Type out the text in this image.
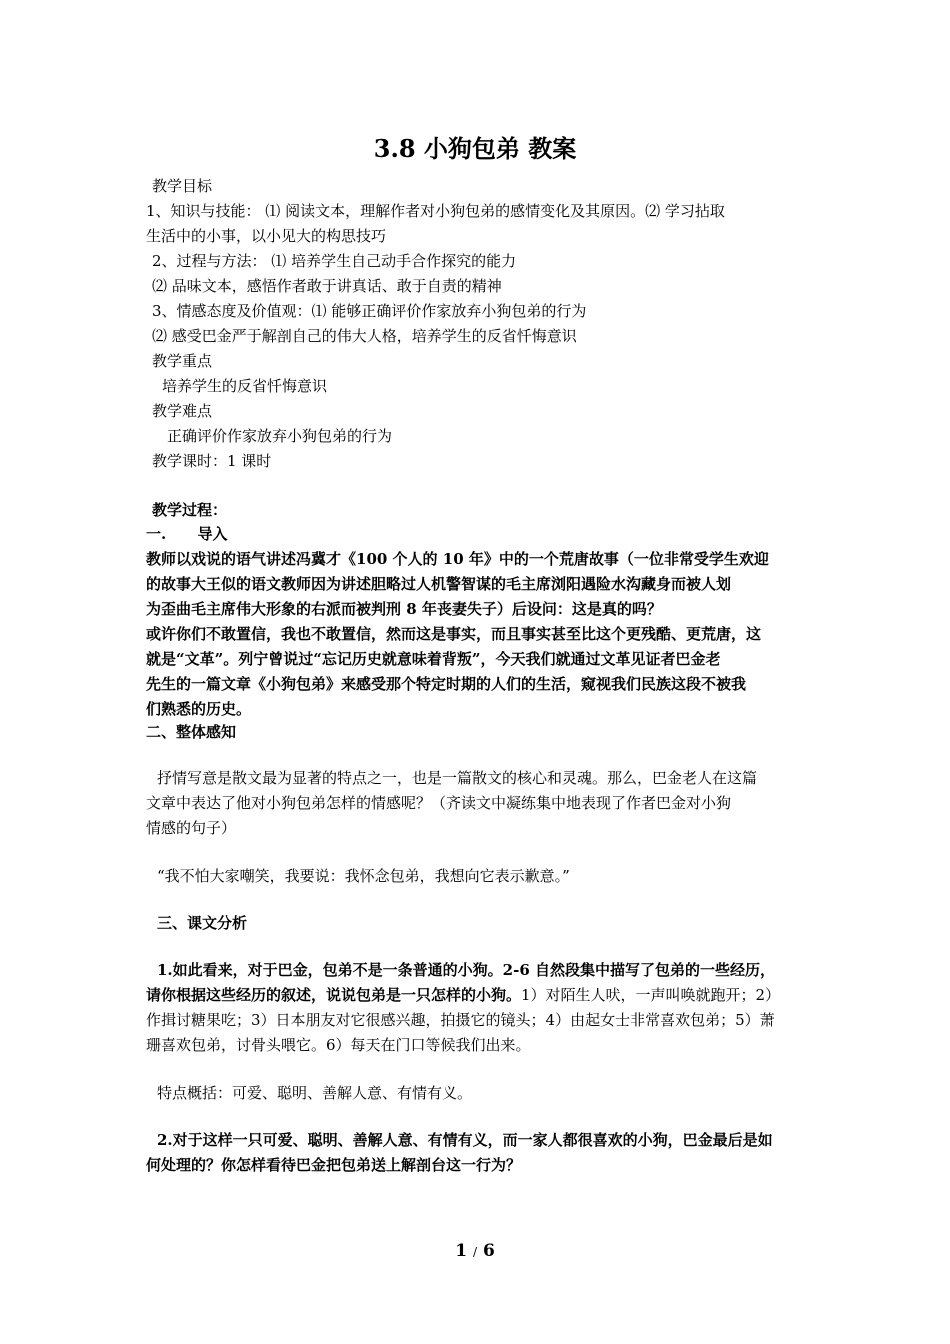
3.8 小狗包弟 教案
教学目标
1、知识与技能： ⑴ 阅读文本，理解作者对小狗包弟的感情变化及其原因。⑵ 学习拈取
生活中的小事，以小见大的构思技巧
2、过程与方法： ⑴ 培养学生自己动手合作探究的能力
⑵ 品味文本，感悟作者敢于讲真话、敢于自责的精神
3、情感态度及价值观：⑴ 能够正确评价作家放弃小狗包弟的行为
⑵ 感受巴金严于解剖自己的伟大人格，培养学生的反省忏悔意识
教学重点
培养学生的反省忏悔意识
教学难点
正确评价作家放弃小狗包弟的行为
教学课时：1 课时
教学过程：
一.      导入
教师以戏说的语气讲述冯冀才《100 个人的 10 年》中的一个荒唐故事（一位非常受学生欢迎
的故事大王似的语文教师因为讲述胆略过人机警智谋的毛主席浏阳遇险水沟藏身而被人划
为歪曲毛主席伟大形象的右派而被判刑 8 年丧妻失子）后设问：这是真的吗？
或许你们不敢置信，我也不敢置信，然而这是事实，而且事实甚至比这个更残酷、更荒唐，这
就是“文革”。列宁曾说过“忘记历史就意味着背叛”，今天我们就通过文革见证者巴金老
先生的一篇文章《小狗包弟》来感受那个特定时期的人们的生活，窥视我们民族这段不被我
们熟悉的历史。
二、整体感知
抒情写意是散文最为显著的特点之一，也是一篇散文的核心和灵魂。那么，巴金老人在这篇
文章中表达了他对小狗包弟怎样的情感呢？（齐读文中凝练集中地表现了作者巴金对小狗
情感的句子）
“我不怕大家嘲笑，我要说：我怀念包弟，我想向它表示歉意。”
三、课文分析
1.如此看来，对于巴金，包弟不是一条普通的小狗。2-6 自然段集中描写了包弟的一些经历，
请你根据这些经历的叙述，说说包弟是一只怎样的小狗。1）对陌生人吠，一声叫唤就跑开；2）
作揖讨糖果吃；3）日本朋友对它很感兴趣，拍摄它的镜头；4）由起女士非常喜欢包弟；5）萧
珊喜欢包弟，讨骨头喂它。6）每天在门口等候我们出来。
特点概括：可爱、聪明、善解人意、有情有义。
2.对于这样一只可爱、聪明、善解人意、有情有义，而一家人都很喜欢的小狗，巴金最后是如
何处理的？你怎样看待巴金把包弟送上解剖台这一行为？
1 / 6
